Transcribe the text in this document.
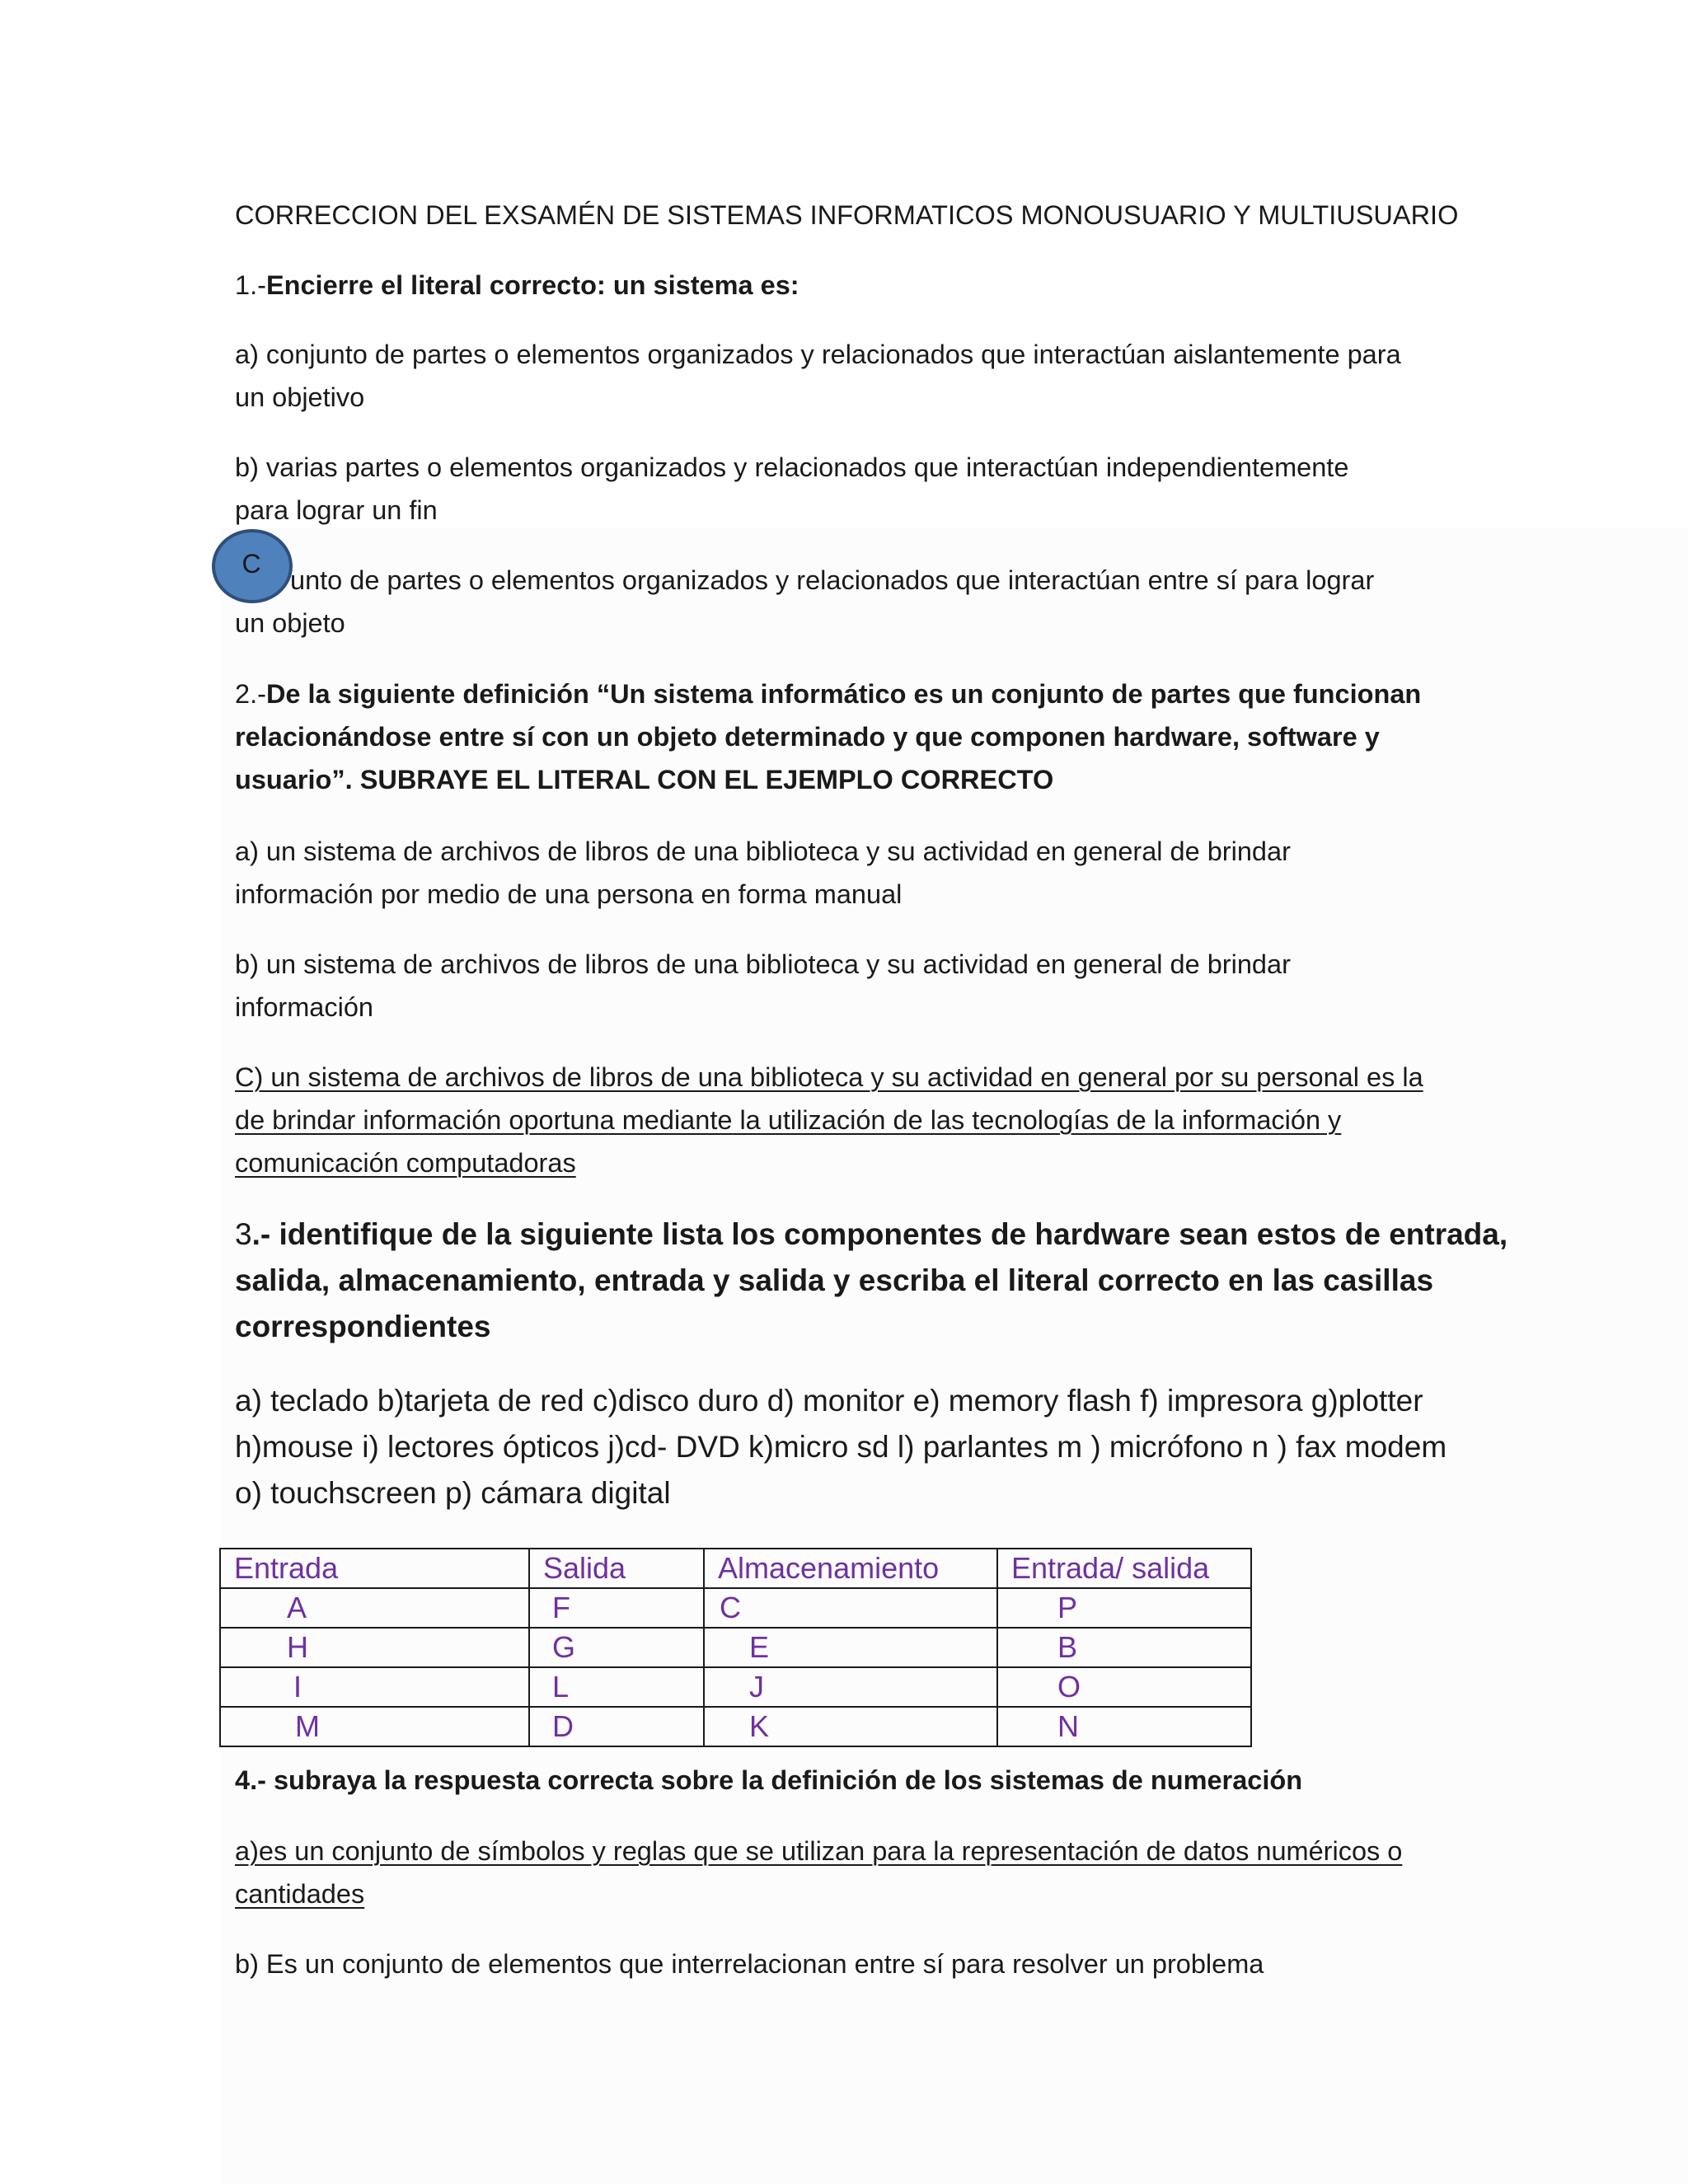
CORRECCION DEL EXSAMÉN DE SISTEMAS INFORMATICOS MONOUSUARIO Y MULTIUSUARIO

1.-Encierre el literal correcto: un sistema es:

a) conjunto de partes o elementos organizados y relacionados que interactúan aislantemente para

un objetivo

b) varias partes o elementos organizados y relacionados que interactúan independientemente

para lograr un fin

unto de partes o elementos organizados y relacionados que interactúan entre sí para lograr

un objeto

C

2.-De la siguiente definición “Un sistema informático es un conjunto de partes que funcionan

relacionándose entre sí con un objeto determinado y que componen hardware, software y

usuario”. SUBRAYE EL LITERAL CON EL EJEMPLO CORRECTO

a) un sistema de archivos de libros de una biblioteca y su actividad en general de brindar

información por medio de una persona en forma manual

b) un sistema de archivos de libros de una biblioteca y su actividad en general de brindar

información

C) un sistema de archivos de libros de una biblioteca y su actividad en general por su personal es la

de brindar información oportuna mediante la utilización de las tecnologías de la información y

comunicación computadoras

3.- identifique de la siguiente lista los componentes de hardware sean estos de entrada,

salida, almacenamiento, entrada y salida y escriba el literal correcto en las casillas

correspondientes

a) teclado b)tarjeta de red c)disco duro d) monitor e) memory flash f) impresora g)plotter

h)mouse i) lectores ópticos j)cd- DVD k)micro sd l) parlantes m ) micrófono n ) fax modem

o) touchscreen p) cámara digital

Entrada	Salida	Almacenamiento	Entrada/ salida
A	F	C	P
H	G	E	B
I	L	J	O
M	D	K	N

4.- subraya la respuesta correcta sobre la definición de los sistemas de numeración

a)es un conjunto de símbolos y reglas que se utilizan para la representación de datos numéricos o

cantidades

b) Es un conjunto de elementos que interrelacionan entre sí para resolver un problema
